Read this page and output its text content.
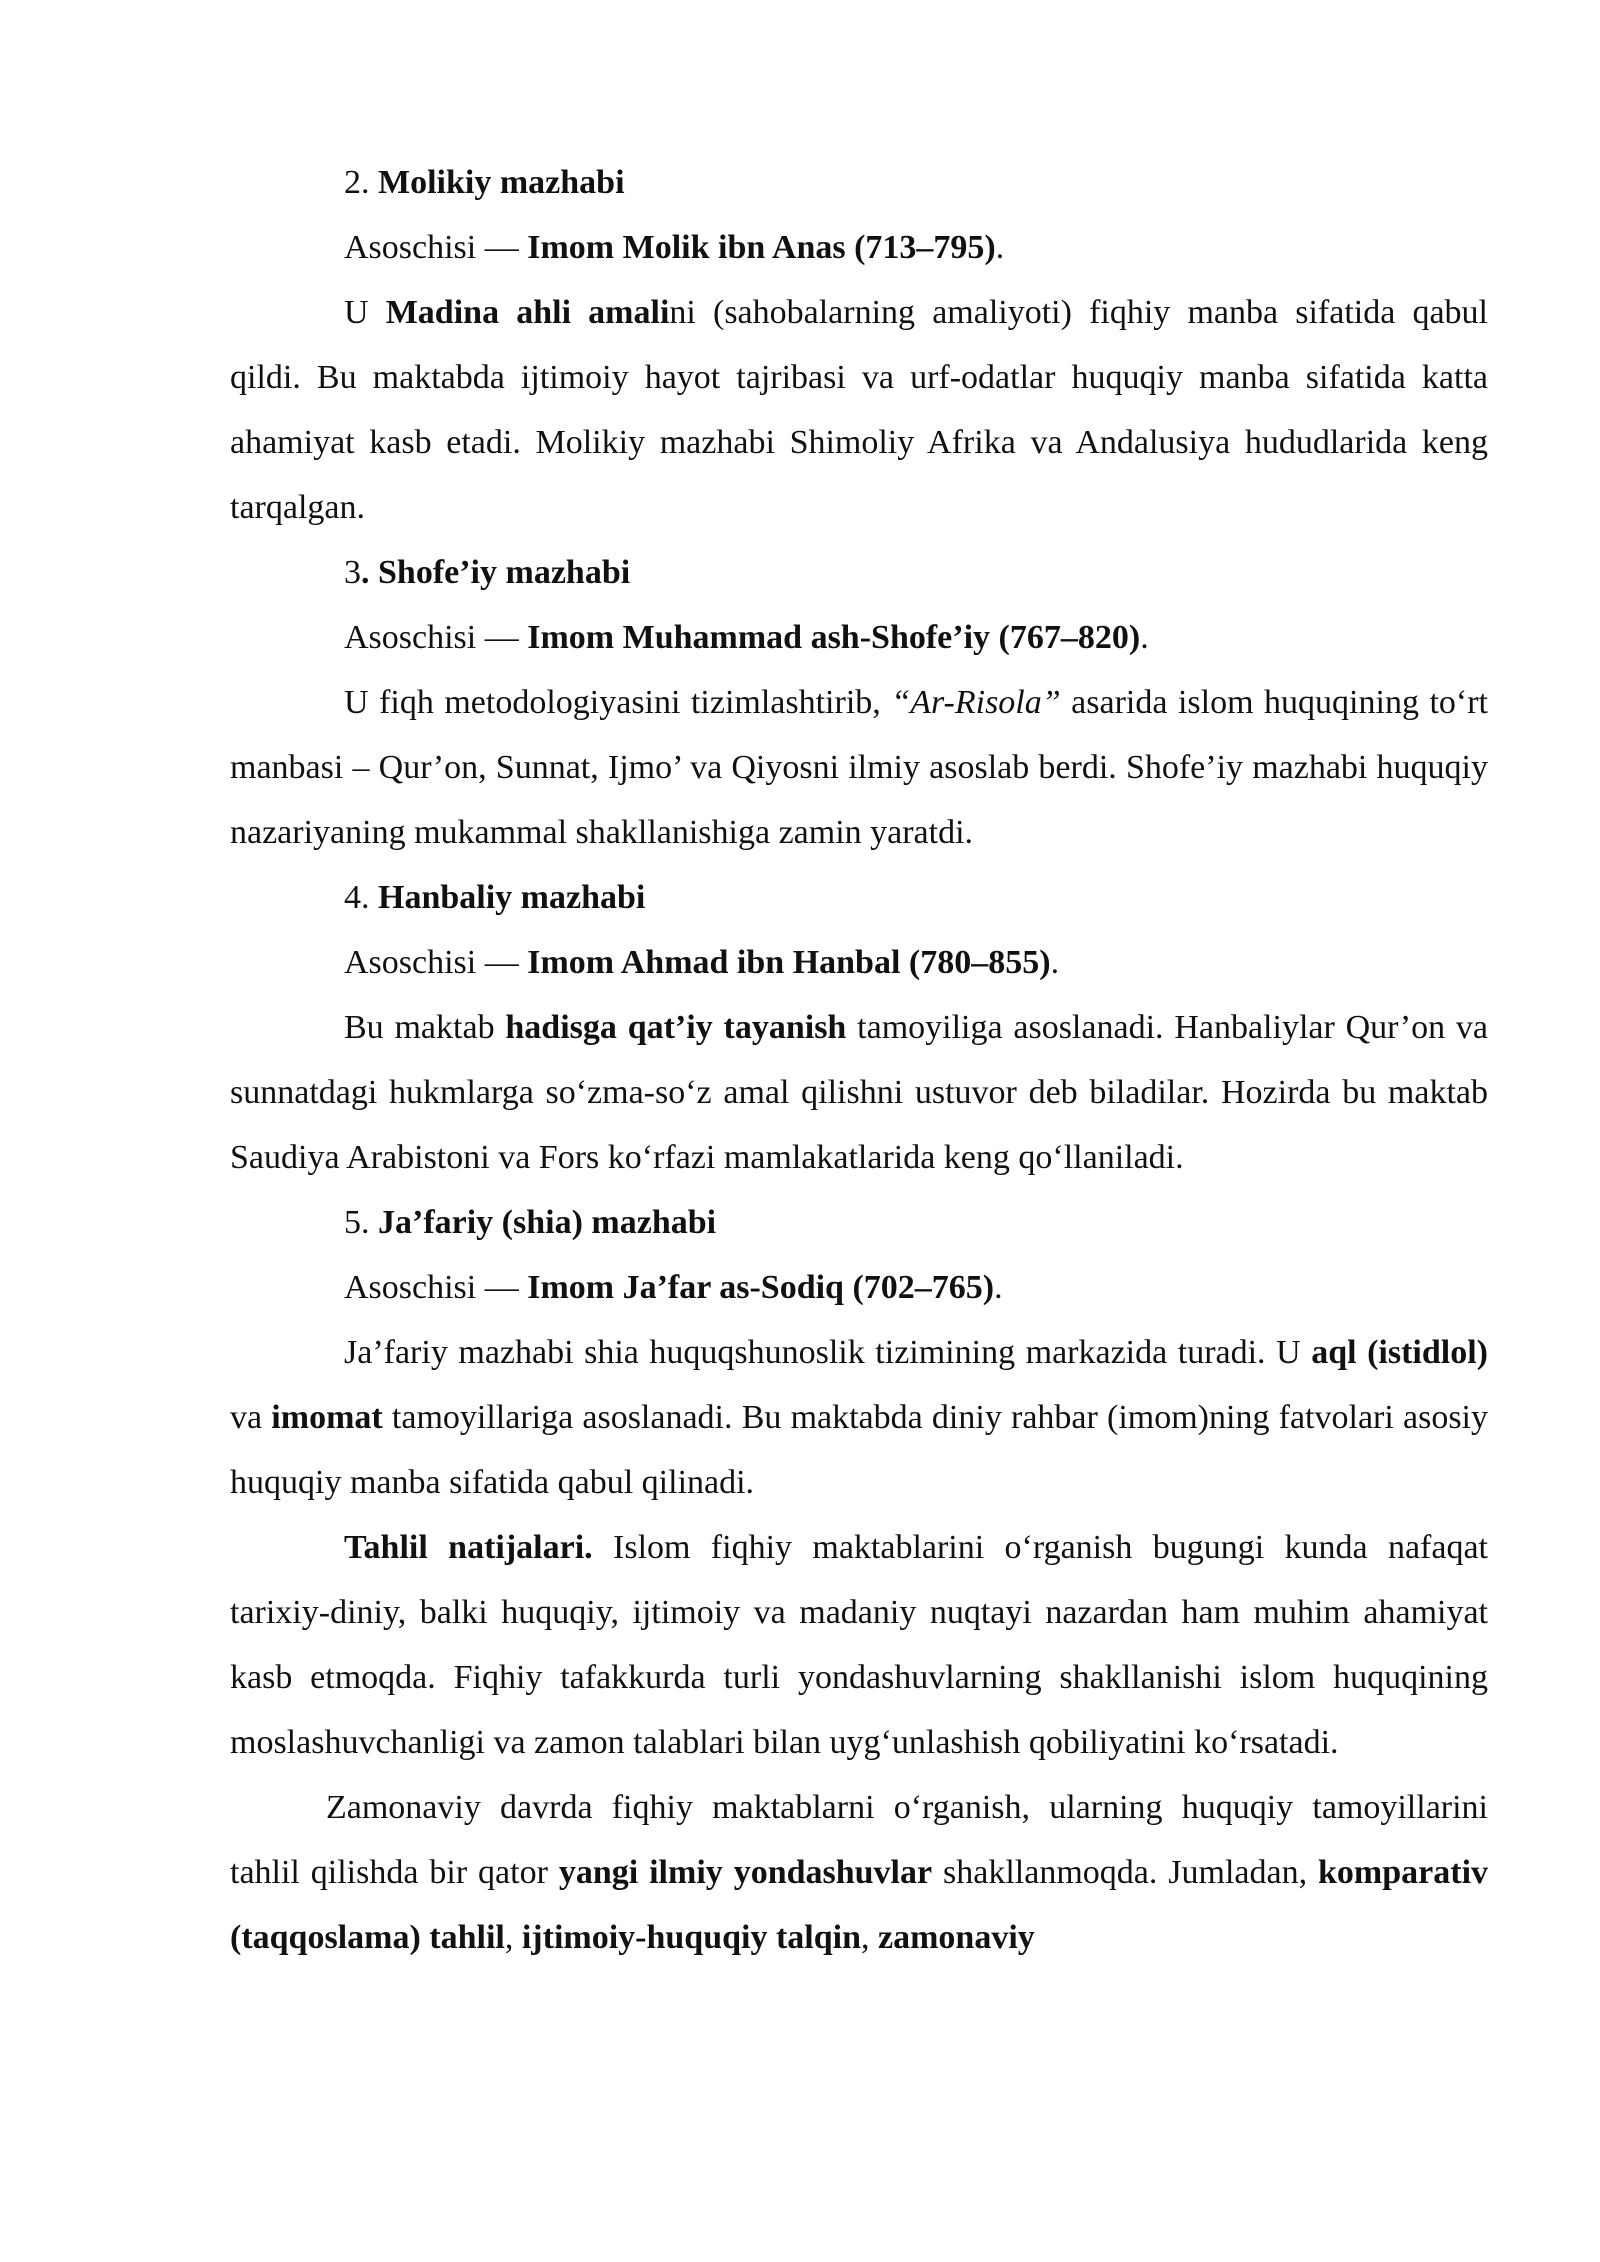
2. Molikiy mazhabi

Asoschisi — Imom Molik ibn Anas (713–795).

U Madina ahli amalini (sahobalarning amaliyoti) fiqhiy manba sifatida qabul qildi. Bu maktabda ijtimoiy hayot tajribasi va urf-odatlar huquqiy manba sifatida katta ahamiyat kasb etadi. Molikiy mazhabi Shimoliy Afrika va Andalusiya hududlarida keng tarqalgan.

3. Shofe’iy mazhabi

Asoschisi — Imom Muhammad ash-Shofe’iy (767–820).

U fiqh metodologiyasini tizimlashtirib, “Ar-Risola” asarida islom huquqining to‘rt manbasi – Qur’on, Sunnat, Ijmo’ va Qiyosni ilmiy asoslab berdi. Shofe’iy mazhabi huquqiy nazariyaning mukammal shakllanishiga zamin yaratdi.

4. Hanbaliy mazhabi

Asoschisi — Imom Ahmad ibn Hanbal (780–855).

Bu maktab hadisga qat’iy tayanish tamoyiliga asoslanadi. Hanbaliylar Qur’on va sunnatdagi hukmlarga so‘zma-so‘z amal qilishni ustuvor deb biladilar. Hozirda bu maktab Saudiya Arabistoni va Fors ko‘rfazi mamlakatlarida keng qo‘llaniladi.

5. Ja’fariy (shia) mazhabi

Asoschisi — Imom Ja’far as-Sodiq (702–765).

Ja’fariy mazhabi shia huquqshunoslik tizimining markazida turadi. U aql (istidlol) va imomat tamoyillariga asoslanadi. Bu maktabda diniy rahbar (imom)ning fatvolari asosiy huquqiy manba sifatida qabul qilinadi.

Tahlil natijalari. Islom fiqhiy maktablarini o‘rganish bugungi kunda nafaqat tarixiy-diniy, balki huquqiy, ijtimoiy va madaniy nuqtayi nazardan ham muhim ahamiyat kasb etmoqda. Fiqhiy tafakkurda turli yondashuvlarning shakllanishi islom huquqining moslashuvchanligi va zamon talablari bilan uyg‘unlashish qobiliyatini ko‘rsatadi.

Zamonaviy davrda fiqhiy maktablarni o‘rganish, ularning huquqiy tamoyillarini tahlil qilishda bir qator yangi ilmiy yondashuvlar shakllanmoqda. Jumladan, komparativ (taqqoslama) tahlil, ijtimoiy-huquqiy talqin, zamonaviy
